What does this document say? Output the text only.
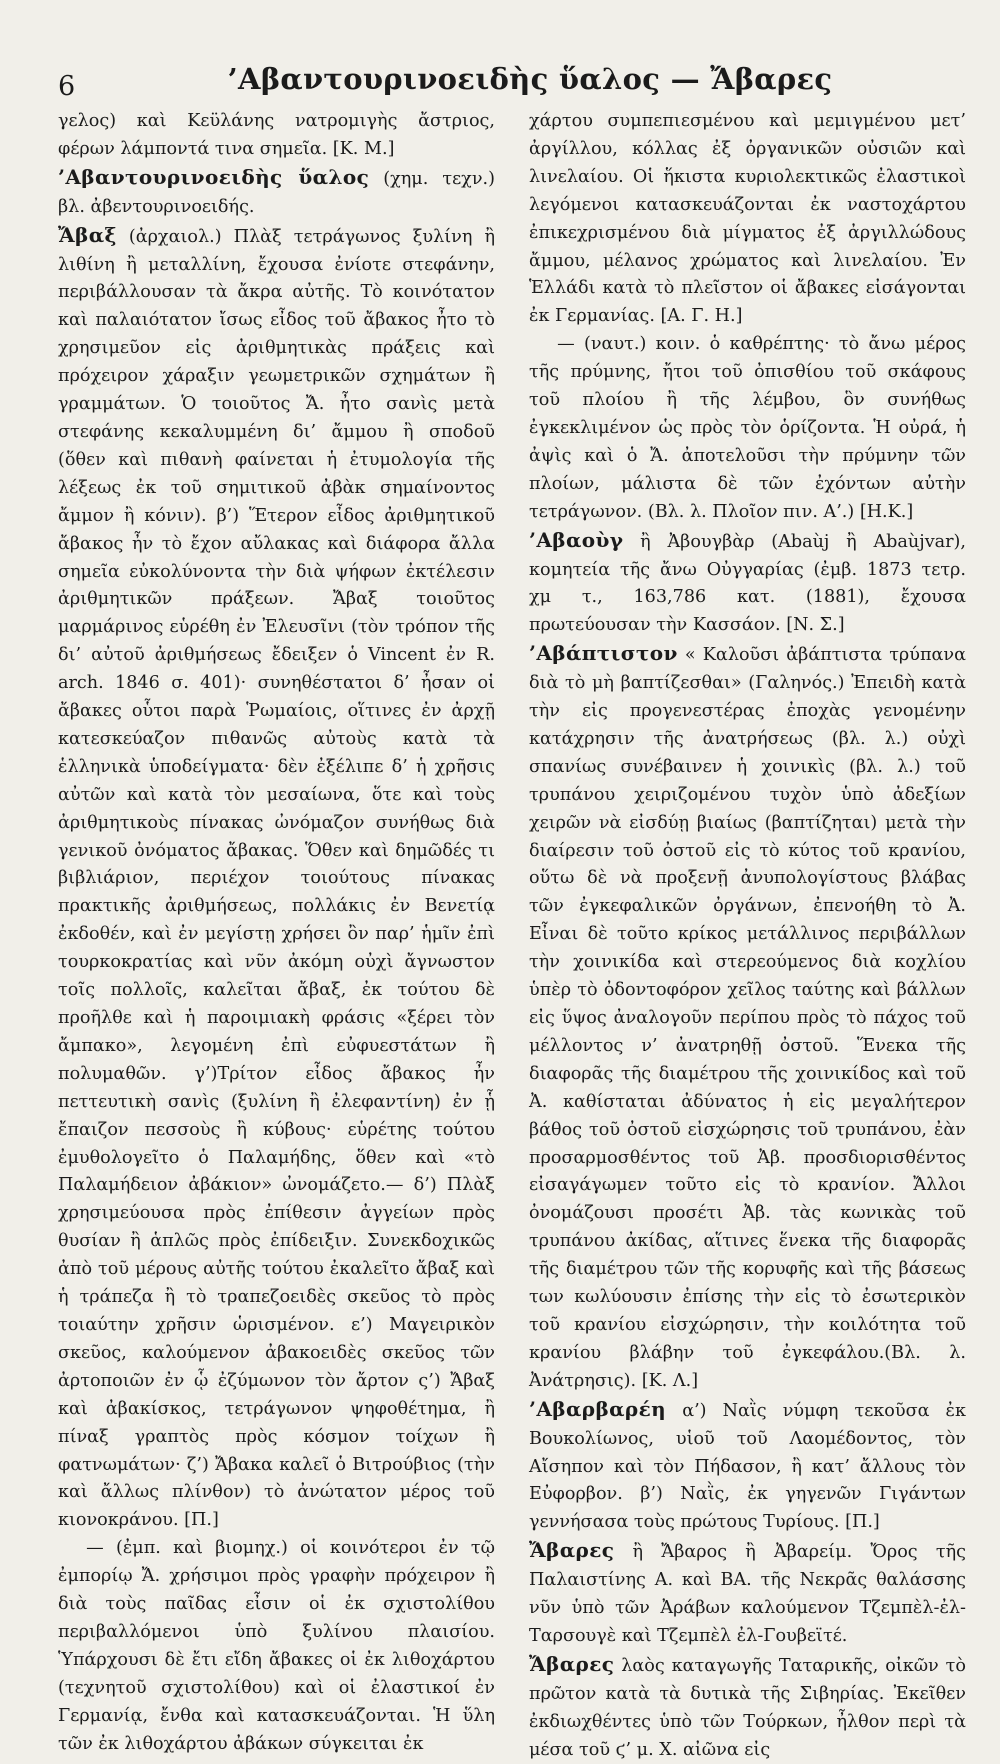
6	’Αβαντουρινοειδὴς ὕαλος — Ἄβαρες

γελος) καὶ Κεϋλάνης νατρομιγὴς ἄστριος, φέρων λάμποντά τινα σημεῖα. [Κ. Μ.]

’Αβαντουρινοειδὴς ὕαλος (χημ. τεχν.) βλ. ἀβεντουρινοειδής.

Ἄβαξ (ἀρχαιολ.) Πλὰξ τετράγωνος ξυλίνη ἢ λιθίνη ἢ μεταλλίνη, ἔχουσα ἐνίοτε στεφάνην, περιβάλλουσαν τὰ ἄκρα αὐτῆς. Τὸ κοινότατον καὶ παλαιότατον ἴσως εἶδος τοῦ ἄβακος ἦτο τὸ χρησιμεῦον εἰς ἀριθμητικὰς πράξεις καὶ πρόχειρον χάραξιν γεωμετρικῶν σχημάτων ἢ γραμμάτων. Ὁ τοιοῦτος Ἄ. ἦτο σανὶς μετὰ στεφάνης κεκαλυμμένη δι’ ἄμμου ἢ σποδοῦ (ὅθεν καὶ πιθανὴ φαίνεται ἡ ἐτυμολογία τῆς λέξεως ἐκ τοῦ σημιτικοῦ ἀβὰκ σημαίνοντος ἄμμον ἢ κόνιν). β’) Ἕτερον εἶδος ἀριθμητικοῦ ἄβακος ἦν τὸ ἔχον αὔλακας καὶ διάφορα ἄλλα σημεῖα εὐκολύνοντα τὴν διὰ ψήφων ἐκτέλεσιν ἀριθμητικῶν πράξεων. Ἄβαξ τοιοῦτος μαρμάρινος εὑρέθη ἐν Ἐλευσῖνι (τὸν τρόπον τῆς δι’ αὐτοῦ ἀριθμήσεως ἔδειξεν ὁ Vincent ἐν R. arch. 1846 σ. 401)· συνηθέστατοι δ’ ἦσαν οἱ ἄβακες οὗτοι παρὰ Ῥωμαίοις, οἵτινες ἐν ἀρχῇ κατεσκεύαζον πιθανῶς αὐτοὺς κατὰ τὰ ἑλληνικὰ ὑποδείγματα· δὲν ἐξέλιπε δ’ ἡ χρῆσις αὐτῶν καὶ κατὰ τὸν μεσαίωνα, ὅτε καὶ τοὺς ἀριθμητικοὺς πίνακας ὠνόμαζον συνήθως διὰ γενικοῦ ὀνόματος ἄβακας. Ὅθεν καὶ δημῶδές τι βιβλιάριον, περιέχον τοιούτους πίνακας πρακτικῆς ἀριθμήσεως, πολλάκις ἐν Βενετίᾳ ἐκδοθέν, καὶ ἐν μεγίστῃ χρήσει ὂν παρ’ ἡμῖν ἐπὶ τουρκοκρατίας καὶ νῦν ἀκόμη οὐχὶ ἄγνωστον τοῖς πολλοῖς, καλεῖται ἄβαξ, ἐκ τούτου δὲ προῆλθε καὶ ἡ παροιμιακὴ φράσις «ξέρει τὸν ἄμπακο», λεγομένη ἐπὶ εὐφυεστάτων ἢ πολυμαθῶν. γ’)Τρίτον εἶδος ἄβακος ἦν πεττευτικὴ σανὶς (ξυλίνη ἢ ἐλεφαντίνη) ἐν ᾗ ἔπαιζον πεσσοὺς ἢ κύβους· εὑρέτης τούτου ἐμυθολογεῖτο ὁ Παλαμήδης, ὅθεν καὶ «τὸ Παλαμήδειον ἀβάκιον» ὠνομάζετο.— δ’) Πλὰξ χρησιμεύουσα πρὸς ἐπίθεσιν ἀγγείων πρὸς θυσίαν ἢ ἁπλῶς πρὸς ἐπίδειξιν. Συνεκδοχικῶς ἀπὸ τοῦ μέρους αὐτῆς τούτου ἐκαλεῖτο ἄβαξ καὶ ἡ τράπεζα ἢ τὸ τραπεζοειδὲς σκεῦος τὸ πρὸς τοιαύτην χρῆσιν ὡρισμένον. ε’) Μαγειρικὸν σκεῦος, καλούμενον ἀβακοειδὲς σκεῦος τῶν ἀρτοποιῶν ἐν ᾧ ἐζύμωνον τὸν ἄρτον ς’) Ἄβαξ καὶ ἀβακίσκος, τετράγωνον ψηφοθέτημα, ἢ πίναξ γραπτὸς πρὸς κόσμον τοίχων ἢ φατνωμάτων· ζ’) Ἄβακα καλεῖ ὁ Βιτρούβιος (τὴν καὶ ἄλλως πλίνθον) τὸ ἀνώτατον μέρος τοῦ κιονοκράνου. [Π.]

— (ἐμπ. καὶ βιομηχ.) οἱ κοινότεροι ἐν τῷ ἐμπορίῳ Ἄ. χρήσιμοι πρὸς γραφὴν πρόχειρον ἢ διὰ τοὺς παῖδας εἶσιν οἱ ἐκ σχιστολίθου περιβαλλόμενοι ὑπὸ ξυλίνου πλαισίου. Ὑπάρχουσι δὲ ἔτι εἴδη ἄβακες οἱ ἐκ λιθοχάρτου (τεχνητοῦ σχιστολίθου) καὶ οἱ ἐλαστικοί ἐν Γερμανίᾳ, ἔνθα καὶ κατασκευάζονται. Ἡ ὕλη τῶν ἐκ λιθοχάρτου ἀβάκων σύγκειται ἐκ

χάρτου συμπεπιεσμένου καὶ μεμιγμένου μετ’ ἀργίλλου, κόλλας ἐξ ὀργανικῶν οὐσιῶν καὶ λινελαίου. Οἱ ἥκιστα κυριολεκτικῶς ἐλαστικοὶ λεγόμενοι κατασκευάζονται ἐκ ναστοχάρτου ἐπικεχρισμένου διὰ μίγματος ἐξ ἀργιλλώδους ἄμμου, μέλανος χρώματος καὶ λινελαίου. Ἐν Ἑλλάδι κατὰ τὸ πλεῖστον οἱ ἄβακες εἰσάγονται ἐκ Γερμανίας. [Α. Γ. Η.]

— (ναυτ.) κοιν. ὁ καθρέπτης· τὸ ἄνω μέρος τῆς πρύμνης, ἤτοι τοῦ ὀπισθίου τοῦ σκάφους τοῦ πλοίου ἢ τῆς λέμβου, ὃν συνήθως ἐγκεκλιμένον ὡς πρὸς τὸν ὁρίζοντα. Ἡ οὐρά, ἡ ἀψὶς καὶ ὁ Ἄ. ἀποτελοῦσι τὴν πρύμνην τῶν πλοίων, μάλιστα δὲ τῶν ἐχόντων αὐτὴν τετράγωνον. (Βλ. λ. Πλοῖον πιν. Α’.) [Η.Κ.]

’Αβαοὺγ ἢ Ἀβουγβὰρ (Abaùj ἢ Abaùjvar), κομητεία τῆς ἄνω Οὐγγαρίας (ἐμβ. 1873 τετρ. χμ τ., 163,786 κατ. (1881), ἔχουσα πρωτεύουσαν τὴν Κασσάον. [Ν. Σ.]

’Αβάπτιστον « Καλοῦσι ἀβάπτιστα τρύπανα διὰ τὸ μὴ βαπτίζεσθαι» (Γαληνός.) Ἐπειδὴ κατὰ τὴν εἰς προγενεστέρας ἐποχὰς γενομένην κατάχρησιν τῆς ἀνατρήσεως (βλ. λ.) οὐχὶ σπανίως συνέβαινεν ἡ χοινικὶς (βλ. λ.) τοῦ τρυπάνου χειριζομένου τυχὸν ὑπὸ ἀδεξίων χειρῶν νὰ εἰσδύῃ βιαίως (βαπτίζηται) μετὰ τὴν διαίρεσιν τοῦ ὀστοῦ εἰς τὸ κύτος τοῦ κρανίου, οὕτω δὲ νὰ προξενῇ ἀνυπολογίστους βλάβας τῶν ἐγκεφαλικῶν ὀργάνων, ἐπενοήθη τὸ Ἀ. Εἶναι δὲ τοῦτο κρίκος μετάλλινος περιβάλλων τὴν χοινικίδα καὶ στερεούμενος διὰ κοχλίου ὑπὲρ τὸ ὀδοντοφόρον χεῖλος ταύτης καὶ βάλλων εἰς ὕψος ἀναλογοῦν περίπου πρὸς τὸ πάχος τοῦ μέλλοντος ν’ ἀνατρηθῇ ὀστοῦ. Ἕνεκα τῆς διαφορᾶς τῆς διαμέτρου τῆς χοινικίδος καὶ τοῦ Ἀ. καθίσταται ἀδύνατος ἡ εἰς μεγαλήτερον βάθος τοῦ ὀστοῦ εἰσχώρησις τοῦ τρυπάνου, ἐὰν προσαρμοσθέντος τοῦ Ἀβ. προσδιορισθέντος εἰσαγάγωμεν τοῦτο εἰς τὸ κρανίον. Ἄλλοι ὀνομάζουσι προσέτι Ἀβ. τὰς κωνικὰς τοῦ τρυπάνου ἀκίδας, αἵτινες ἕνεκα τῆς διαφορᾶς τῆς διαμέτρου τῶν τῆς κορυφῆς καὶ τῆς βάσεως των κωλύουσιν ἐπίσης τὴν εἰς τὸ ἐσωτερικὸν τοῦ κρανίου εἰσχώρησιν, τὴν κοιλότητα τοῦ κρανίου βλάβην τοῦ ἐγκεφάλου.(Βλ. λ. Ἀνάτρησις). [Κ. Λ.]

’Αβαρβαρέη α’) Ναῒς νύμφη τεκοῦσα ἐκ Βουκολίωνος, υἱοῦ τοῦ Λαομέδοντος, τὸν Αἴσηπον καὶ τὸν Πήδασον, ἢ κατ’ ἄλλους τὸν Εὐφορβον. β’) Ναῒς, ἐκ γηγενῶν Γιγάντων γεννήσασα τοὺς πρώτους Τυρίους. [Π.]

Ἄβαρες ἢ Ἄβαρος ἢ Ἀβαρείμ. Ὄρος τῆς Παλαιστίνης Α. καὶ ΒΑ. τῆς Νεκρᾶς θαλάσσης νῦν ὑπὸ τῶν Ἀράβων καλούμενον Τζεμπὲλ-ἐλ-Ταρσουγὲ καὶ Τζεμπὲλ ἐλ-Γουβεϊτέ.

Ἄβαρες λαὸς καταγωγῆς Ταταρικῆς, οἰκῶν τὸ πρῶτον κατὰ τὰ δυτικὰ τῆς Σιβηρίας. Ἐκεῖθεν ἐκδιωχθέντες ὑπὸ τῶν Τούρκων, ἦλθον περὶ τὰ μέσα τοῦ ϛ’ μ. Χ. αἰῶνα εἰς
